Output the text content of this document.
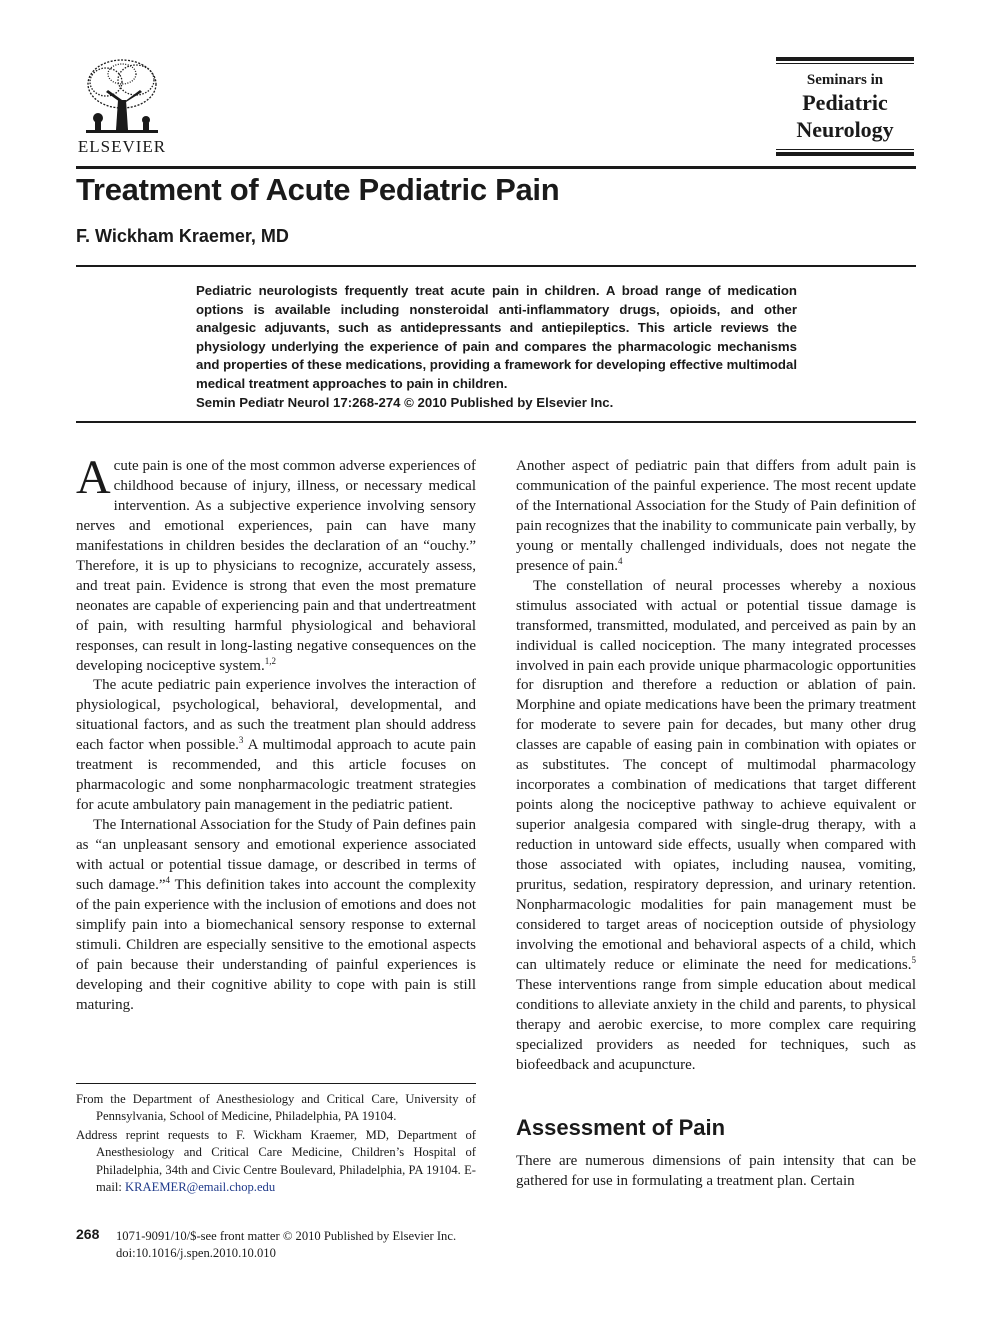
ELSEVIER
Seminars in
Pediatric
Neurology
Treatment of Acute Pediatric Pain
F. Wickham Kraemer, MD
Pediatric neurologists frequently treat acute pain in children. A broad range of medication options is available including nonsteroidal anti-inflammatory drugs, opioids, and other analgesic adjuvants, such as antidepressants and antiepileptics. This article reviews the physiology underlying the experience of pain and compares the pharmacologic mechanisms and properties of these medications, providing a framework for developing effective multimodal medical treatment approaches to pain in children.
Semin Pediatr Neurol 17:268-274 © 2010 Published by Elsevier Inc.

Acute pain is one of the most common adverse experiences of childhood because of injury, illness, or necessary medical intervention. As a subjective experience involving sensory nerves and emotional experiences, pain can have many manifestations in children besides the declaration of an “ouchy.” Therefore, it is up to physicians to recognize, accurately assess, and treat pain. Evidence is strong that even the most premature neonates are capable of experiencing pain and that undertreatment of pain, with resulting harmful physiological and behavioral responses, can result in long-lasting negative consequences on the developing nociceptive system.$^{1,2}$

The acute pediatric pain experience involves the interaction of physiological, psychological, behavioral, developmental, and situational factors, and as such the treatment plan should address each factor when possible.$^3$ A multimodal approach to acute pain treatment is recommended, and this article focuses on pharmacologic and some nonpharmacologic treatment strategies for acute ambulatory pain management in the pediatric patient.

The International Association for the Study of Pain defines pain as “an unpleasant sensory and emotional experience associated with actual or potential tissue damage, or described in terms of such damage.”$^4$ This definition takes into account the complexity of the pain experience with the inclusion of emotions and does not simplify pain into a biomechanical sensory response to external stimuli. Children are especially sensitive to the emotional aspects of pain because their understanding of painful experiences is developing and their cognitive ability to cope with pain is still maturing.

Another aspect of pediatric pain that differs from adult pain is communication of the painful experience. The most recent update of the International Association for the Study of Pain definition of pain recognizes that the inability to communicate pain verbally, by young or mentally challenged individuals, does not negate the presence of pain.$^4$

The constellation of neural processes whereby a noxious stimulus associated with actual or potential tissue damage is transformed, transmitted, modulated, and perceived as pain by an individual is called nociception. The many integrated processes involved in pain each provide unique pharmacologic opportunities for disruption and therefore a reduction or ablation of pain. Morphine and opiate medications have been the primary treatment for moderate to severe pain for decades, but many other drug classes are capable of easing pain in combination with opiates or as substitutes. The concept of multimodal pharmacology incorporates a combination of medications that target different points along the nociceptive pathway to achieve equivalent or superior analgesia compared with single-drug therapy, with a reduction in untoward side effects, usually when compared with those associated with opiates, including nausea, vomiting, pruritus, sedation, respiratory depression, and urinary retention. Nonpharmacologic modalities for pain management must be considered to target areas of nociception outside of physiology involving the emotional and behavioral aspects of a child, which can ultimately reduce or eliminate the need for medications.$^5$ These interventions range from simple education about medical conditions to alleviate anxiety in the child and parents, to physical therapy and aerobic exercise, to more complex care requiring specialized providers as needed for techniques, such as biofeedback and acupuncture.

Assessment of Pain

There are numerous dimensions of pain intensity that can be gathered for use in formulating a treatment plan. Certain

From the Department of Anesthesiology and Critical Care, University of Pennsylvania, School of Medicine, Philadelphia, PA 19104.
Address reprint requests to F. Wickham Kraemer, MD, Department of Anesthesiology and Critical Care Medicine, Children’s Hospital of Philadelphia, 34th and Civic Centre Boulevard, Philadelphia, PA 19104. E-mail: KRAEMER@email.chop.edu
268 1071-9091/10/$-see front matter © 2010 Published by Elsevier Inc.
doi:10.1016/j.spen.2010.10.010
